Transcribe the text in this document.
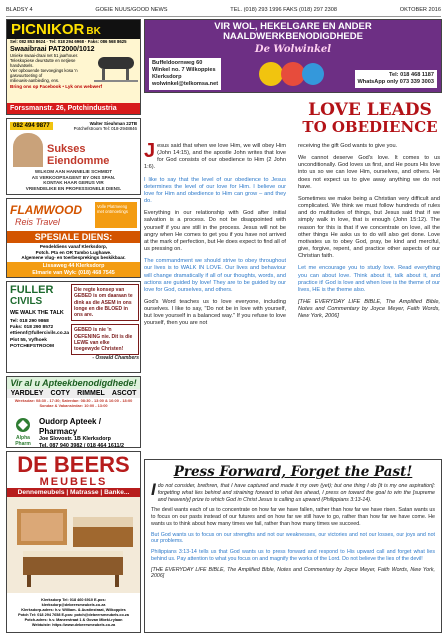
BLADSY 4	GOEIE NUUS/GOOD NEWS	TEL. (018) 293 1996 FAKS (018) 297 2308	OKTOBER 2016
PICNIKOR BK
Sel: 082 853 8624 · Tel: 018 294 6968 · Faks: 086 568 8625
Swaaibraai PAT2000/1012
Unieke swaai-draai net 51 jaarhouer.
Teleskopiese deurstutte en netjiese handvatsels.
Vier opbouende toevoegings kosa 'n gasvuurtoeting of
milieuwis-aanbieding, ens.
Bring ons op Facebook • Lyk ons webwerf
Forssmanstr. 26, Potchindustria
082 494 9877	Walter Sieuhman 22TB
Potchefstroom Tel: 018-2948846
Sukses Eiendomme
WILKOM AAN HANNELIE SCHMIDT
AS VERKOOPSAGENT BY ONS SPAN.
KONTAK HAAR GERUS VIR
VRIENDELIKE EN PROFESSIONELE DIENS.
FLAMWOOD
Reis Travel
Volle Platmeeng met ontmoetings
SPESIALE DIENS:
Pendeldiens vanaf Klerksdorp,
Potch. Pta en OR Tambo Lughawe.
Algemene vlug- en toerbesprekings beskikbaar.
Lissaweg 44 Klerksdorp
Elmarie van Wyk: (018) 468 7545
FULLER
CIVILS
WE WALK THE TALK
Tel: 018 290 9868
Faks: 018 290 8572
ettiennf@fullercivils.co.za
Plot 55, Vyfhoek
POTCHEFSTROOM
Die regte konsep van GEBED is om daaraan te dink as die ASEM in ons longe en die BLOED in ons are.
GEBED is nie 'n OEFENING nie. Dit is die LEWE van elke toegewyde Christen!
- Oswald Chambers
Vir al u Apteekbenodigdhede!
YARDLEY COTY RIMMEL ASCOT
Weeksdae: 08:30 - 17:30; Saterdae: 08:30 - 13:00 & 16:00 - 18:00
Sondae & Vakansiedae: 10:00 - 13:00
Alpha Pharm
Oudorp Apteek / Pharmacy
Joe Slovostr. 1B Klerksdorp
Tel. 087 940 3982 / 018 464 1611/2
DE BEERS
MEUBELS
Dennemeubels | Matrasse | Banke...
Klerksdorp Tel: 018 460 6910 E-pos: klerksdorp@debeersmeubels.co.za
Klerksdorp-adres: h.v. William- & Austinstraat, Wilkoppies
Potch Tel: 018 294 7658 E-pos: potch@debeersmeubels.co.za
Potch-adres: h.v. Maneestraat 1 & Govan Mbeki-rylaan
Webtuiste: https://www.debeersmeubels.co.za
VIR WOL, HEKELGARE EN ANDER
NAALDWERKBENODIGDHEDE
De Wolwinkel
Buffeldoornweg 60
Winkel no. 7 Wilkoppies
Klerksdorp
wolwinkel@telkomsa.net
Tel: 018 468 1187
WhatsApp only 073 339 3003
LOVE LEADS
TO OBEDIENCE

Jesus said that when we love Him, we will obey Him (John 14:15), and the apostle John writes that love for God consists of our obedience to Him (2 John 1:6).

I like to say that the level of our obedience to Jesus determines the level of our love for Him. I believe our love for Him and obedience to Him can grow – and they do.

Everything in our relationship with God after initial salvation is a process. Do not be disappointed with yourself if you are still in the process. Jesus will not be angry when He comes to get you if you have not arrived at the mark of perfection, but He does expect to find all of us pressing on.

The commandment we should strive to obey throughout our lives is to WALK IN LOVE. Our lives and behaviour will change dramatically if all of our thoughts, words, and actions are guided by love! They are to be guided by our love for God, ourselves, and others.

God's Word teaches us to love everyone, including ourselves. I like to say, "Do not be in love with yourself, but love yourself in a balanced way." If you refuse to love yourself, then you are not

receiving the gift God wants to give you.

We cannot deserve God's love. It comes to us unconditionally. God loves us first, and He pours His love into us so we can love Him, ourselves, and others. He does not expect us to give away anything we do not have.

Sometimes we make being a Christian very difficult and complicated. We think we must follow hundreds of rules and do multitudes of things, but Jesus said that if we simply walk in love, that is enough (John 15:12). The reason for this is that if we concentrate on love, all the other things He asks us to do will also get done. Love motivates us to obey God, pray, be kind and merciful, give, forgive, repent, and practice other aspects of our Christian faith.

Let me encourage you to study love. Read everything you can about love. Think about it, talk about it, and practice it! God is love and when love is the theme of our lives, HE is the theme also.

[THE EVERYDAY LIFE BIBLE, The Amplified Bible, Notes and Commentary by Joyce Meyer, Faith Words, New York, 2006]

Press Forward, Forget the Past!

Ido not consider, brethren, that I have captured and made it my own (yet); but one thing I do [it is my one aspiration]: forgetting what lies behind and straining forward to what lies ahead, I press on toward the goal to win the [supreme and heavenly] prize to which God in Christ Jesus is calling us upward (Philippians 3:13-14).

The devil wants each of us to concentrate on how far we have fallen, rather than how far we have risen. Satan wants us to focus on our pasts instead of our futures and on how far we still have to go, rather than how far we have come. He wants us to think about how many times we fail, rather than how many times we succeed.

But God wants us to focus on our strengths and not our weaknesses, our victories and not our losses, our joys and not our problems.

Philippians 3:13-14 tells us that God wants us to press forward and respond to His upward call and forget what lies behind us. Pay attention to what you focus on and magnify the works of the Lord. Do not believe the lies of the devil!

[THE EVERYDAY LIFE BIBLE, The Amplified Bible, Notes and Commentary by Joyce Meyer, Faith Words, New York, 2006]
